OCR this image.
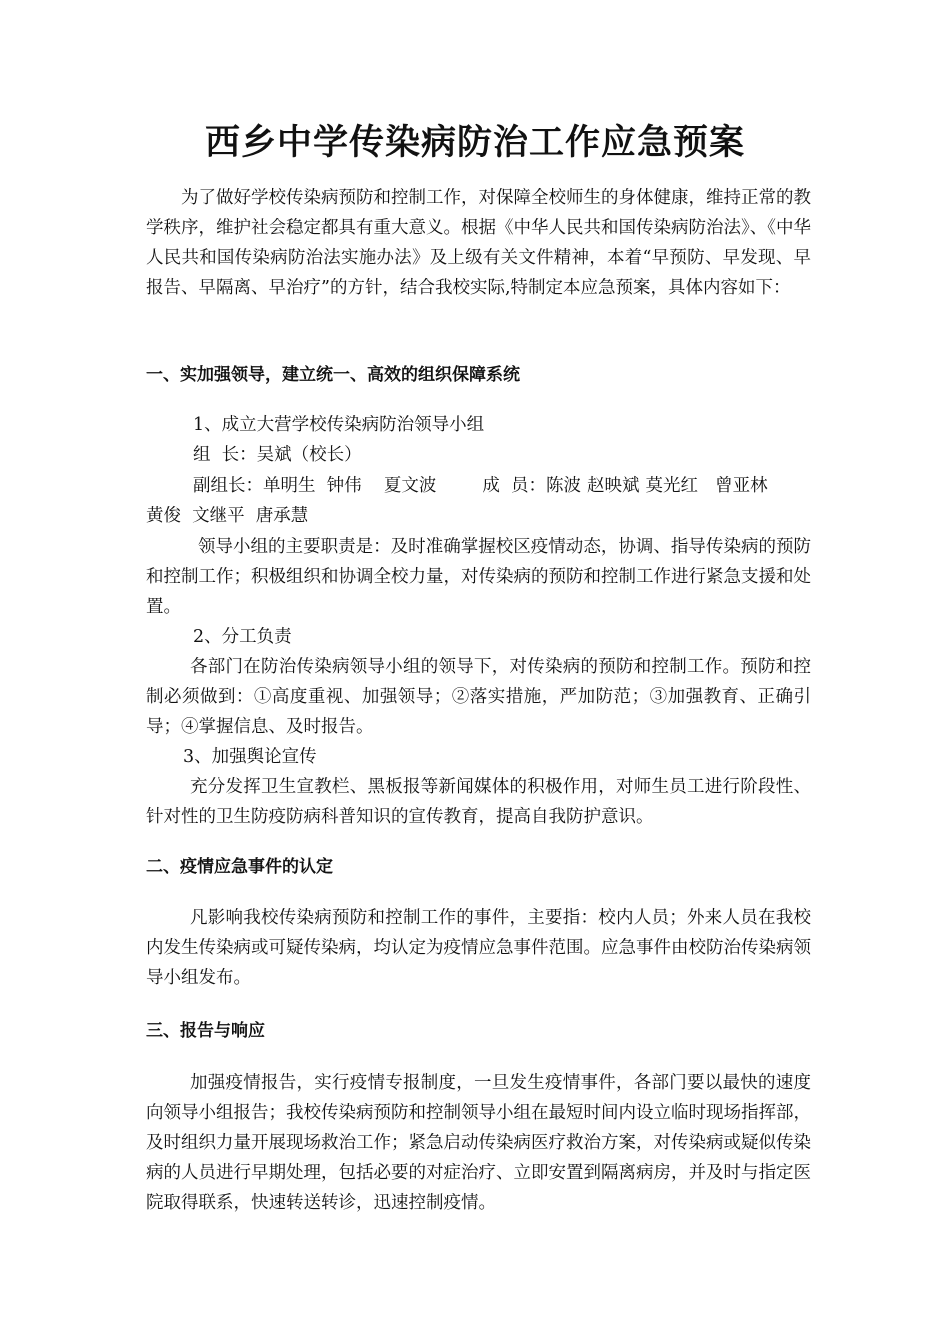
西乡中学传染病防治工作应急预案

为了做好学校传染病预防和控制工作，对保障全校师生的身体健康，维持正常的教学秩序，维护社会稳定都具有重大意义。根据《中华人民共和国传染病防治法》、《中华人民共和国传染病防治法实施办法》及上级有关文件精神，本着“早预防、早发现、早报告、早隔离、早治疗”的方针，结合我校实际,特制定本应急预案，具体内容如下：

一、实加强领导，建立统一、高效的组织保障系统

1、成立大营学校传染病防治领导小组

组  长：吴斌（校长）

副组长：单明生  钟伟    夏文波	成  员：陈波 赵映斌 莫光红  曾亚林

黄俊  文继平  唐承慧

领导小组的主要职责是：及时准确掌握校区疫情动态，协调、指导传染病的预防和控制工作；积极组织和协调全校力量，对传染病的预防和控制工作进行紧急支援和处置。

2、分工负责

各部门在防治传染病领导小组的领导下，对传染病的预防和控制工作。预防和控制必须做到：①高度重视、加强领导；②落实措施，严加防范；③加强教育、正确引导；④掌握信息、及时报告。

3、加强舆论宣传

充分发挥卫生宣教栏、黑板报等新闻媒体的积极作用，对师生员工进行阶段性、针对性的卫生防疫防病科普知识的宣传教育，提高自我防护意识。

二、疫情应急事件的认定

凡影响我校传染病预防和控制工作的事件，主要指：校内人员；外来人员在我校内发生传染病或可疑传染病，均认定为疫情应急事件范围。应急事件由校防治传染病领导小组发布。

三、报告与响应

加强疫情报告，实行疫情专报制度，一旦发生疫情事件，各部门要以最快的速度向领导小组报告；我校传染病预防和控制领导小组在最短时间内设立临时现场指挥部，及时组织力量开展现场救治工作；紧急启动传染病医疗救治方案，对传染病或疑似传染病的人员进行早期处理，包括必要的对症治疗、立即安置到隔离病房，并及时与指定医院取得联系，快速转送转诊，迅速控制疫情。
